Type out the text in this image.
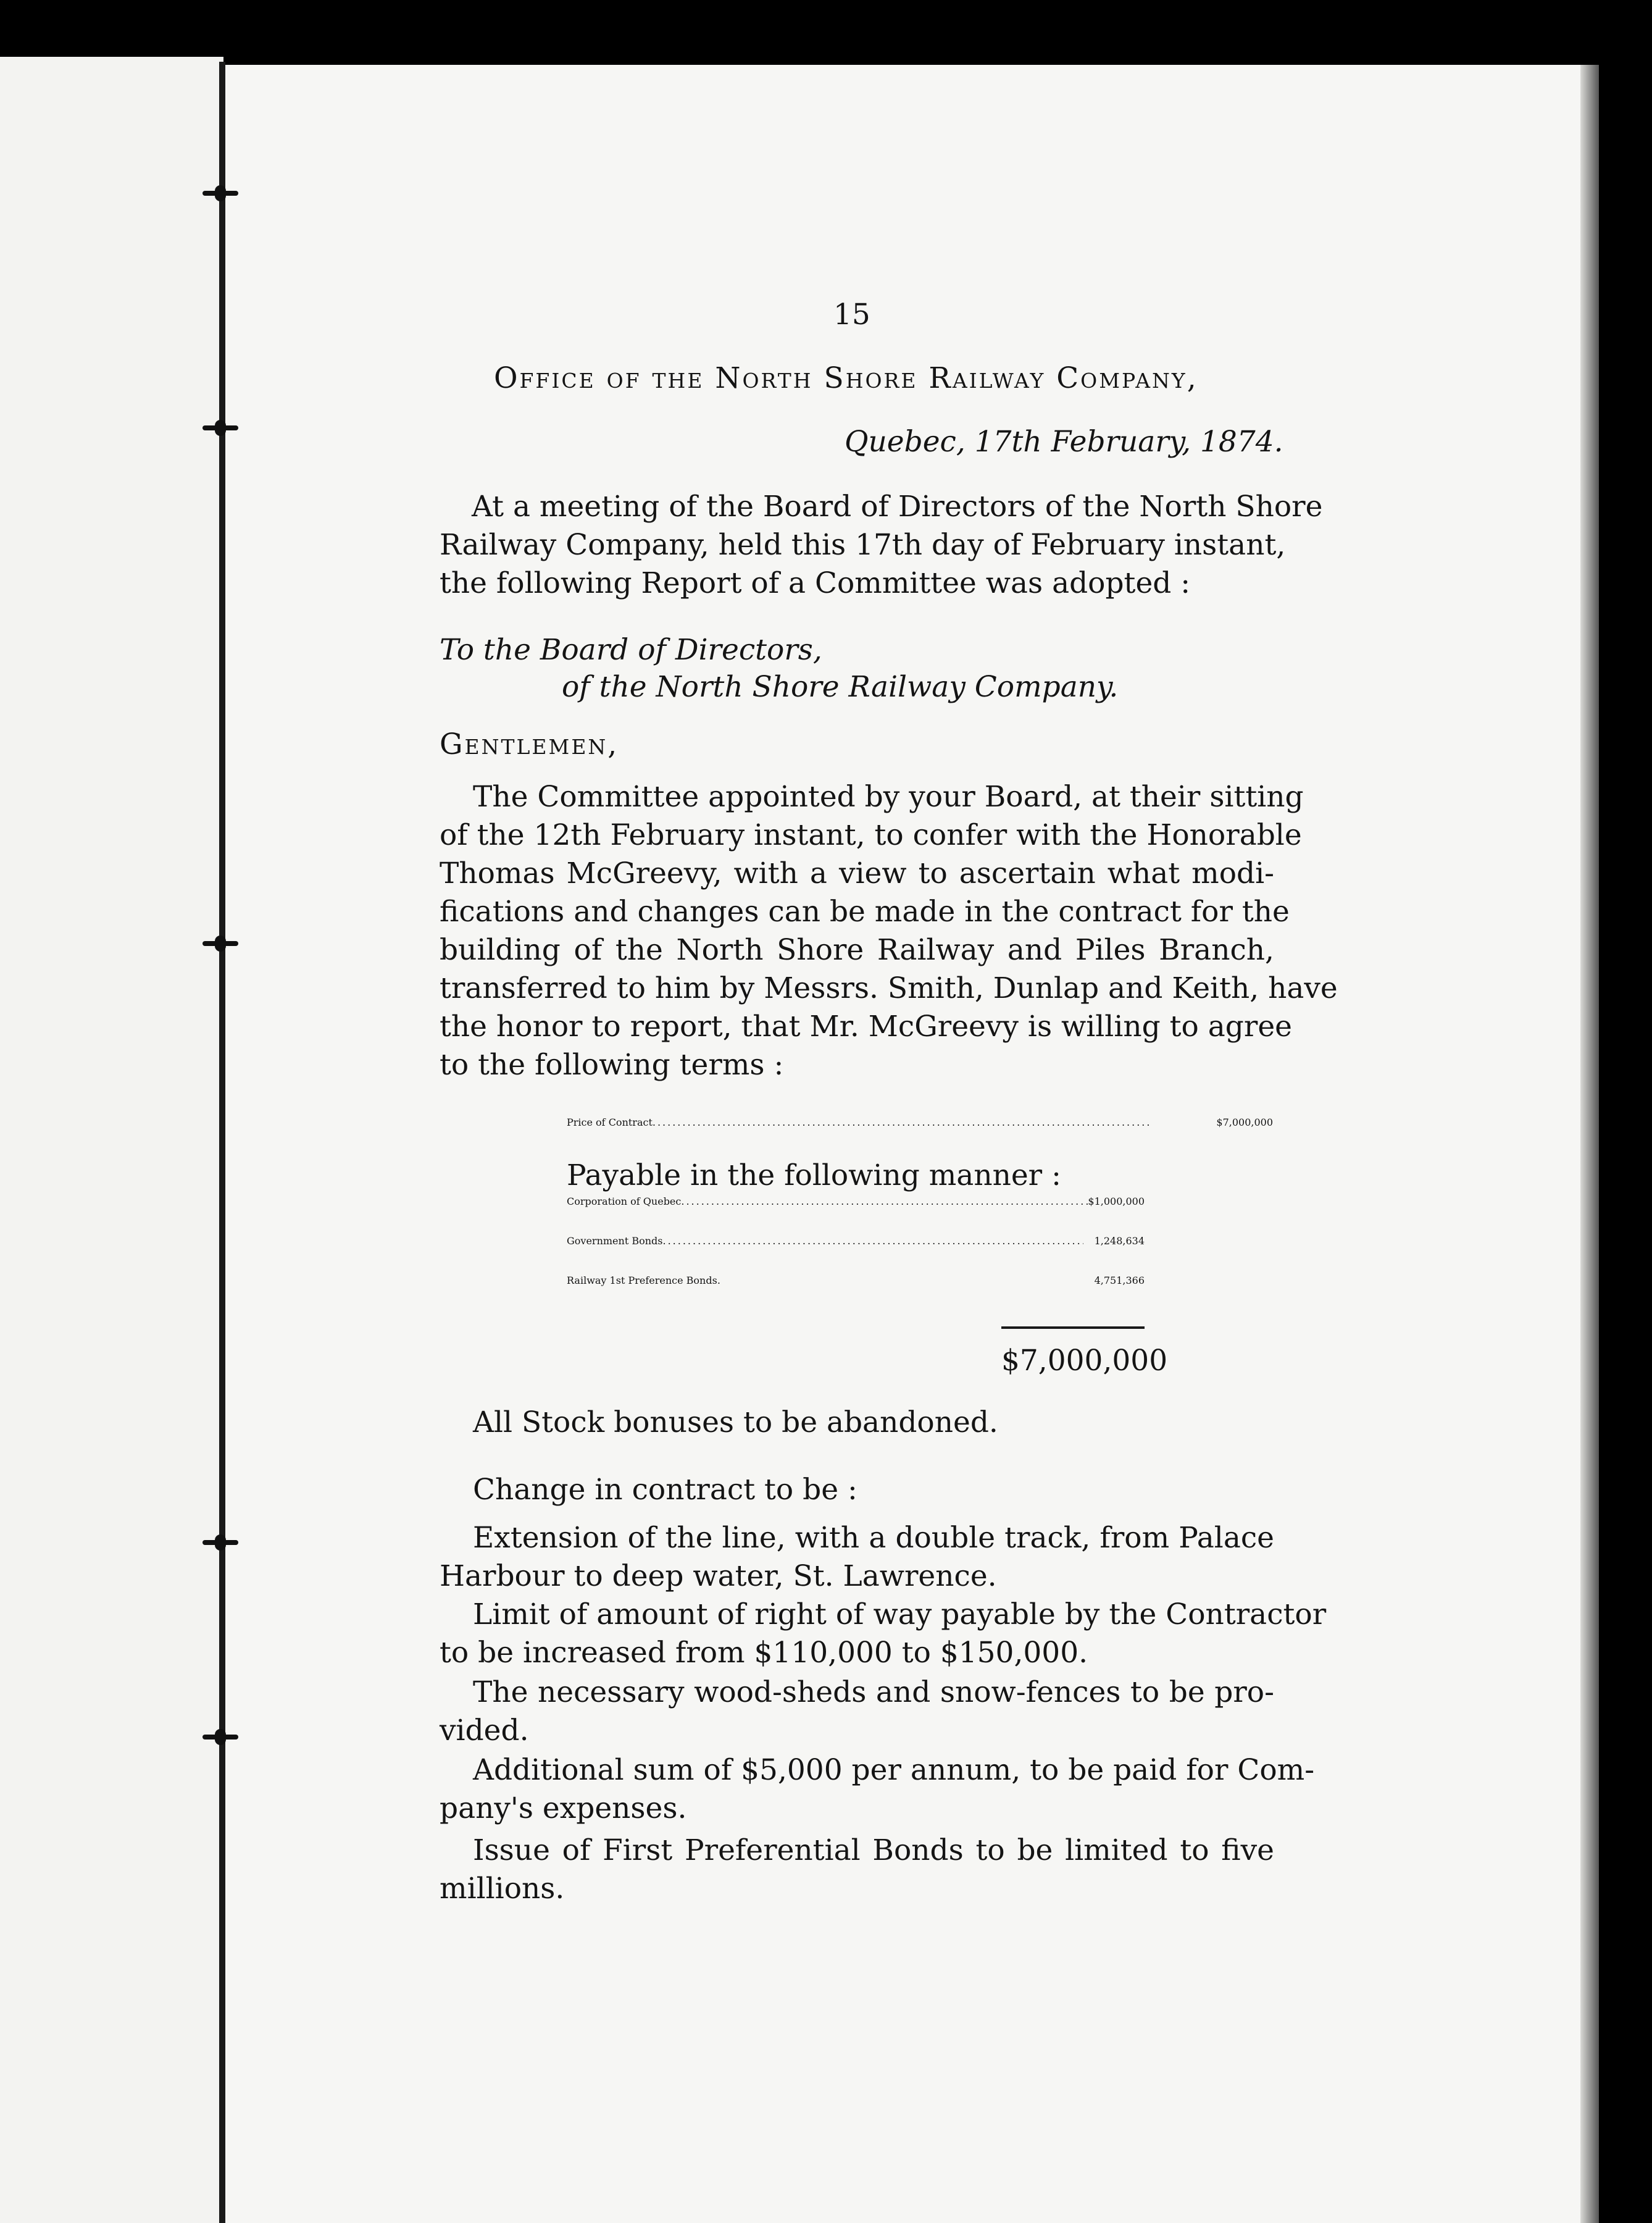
15
Office of the North Shore Railway Company,
Quebec, 17th February, 1874.
At a meeting of the Board of Directors of the North Shore
Railway Company, held this 17th day of February instant,
the following Report of a Committee was adopted :
To the Board of Directors,
of the North Shore Railway Company.
Gentlemen,
The Committee appointed by your Board, at their sitting
of the 12th February instant, to confer with the Honorable
Thomas McGreevy, with a view to ascertain what modi-
fications and changes can be made in the contract for the
building of the North Shore Railway and Piles Branch,
transferred to him by Messrs. Smith, Dunlap and Keith, have
the honor to report, that Mr. McGreevy is willing to agree
to the following terms :
Price of Contract .....	$7,000,000
Payable in the following manner :
Corporation of Quebec .....	$1,000,000
Government Bonds .....	1,248,634
Railway 1st Preference Bonds.	4,751,366
$7,000,000
All Stock bonuses to be abandoned.
Change in contract to be :
Extension of the line, with a double track, from Palace
Harbour to deep water, St. Lawrence.
Limit of amount of right of way payable by the Contractor
to be increased from $110,000 to $150,000.
The necessary wood-sheds and snow-fences to be pro-
vided.
Additional sum of $5,000 per annum, to be paid for Com-
pany's expenses.
Issue of First Preferential Bonds to be limited to five
millions.
